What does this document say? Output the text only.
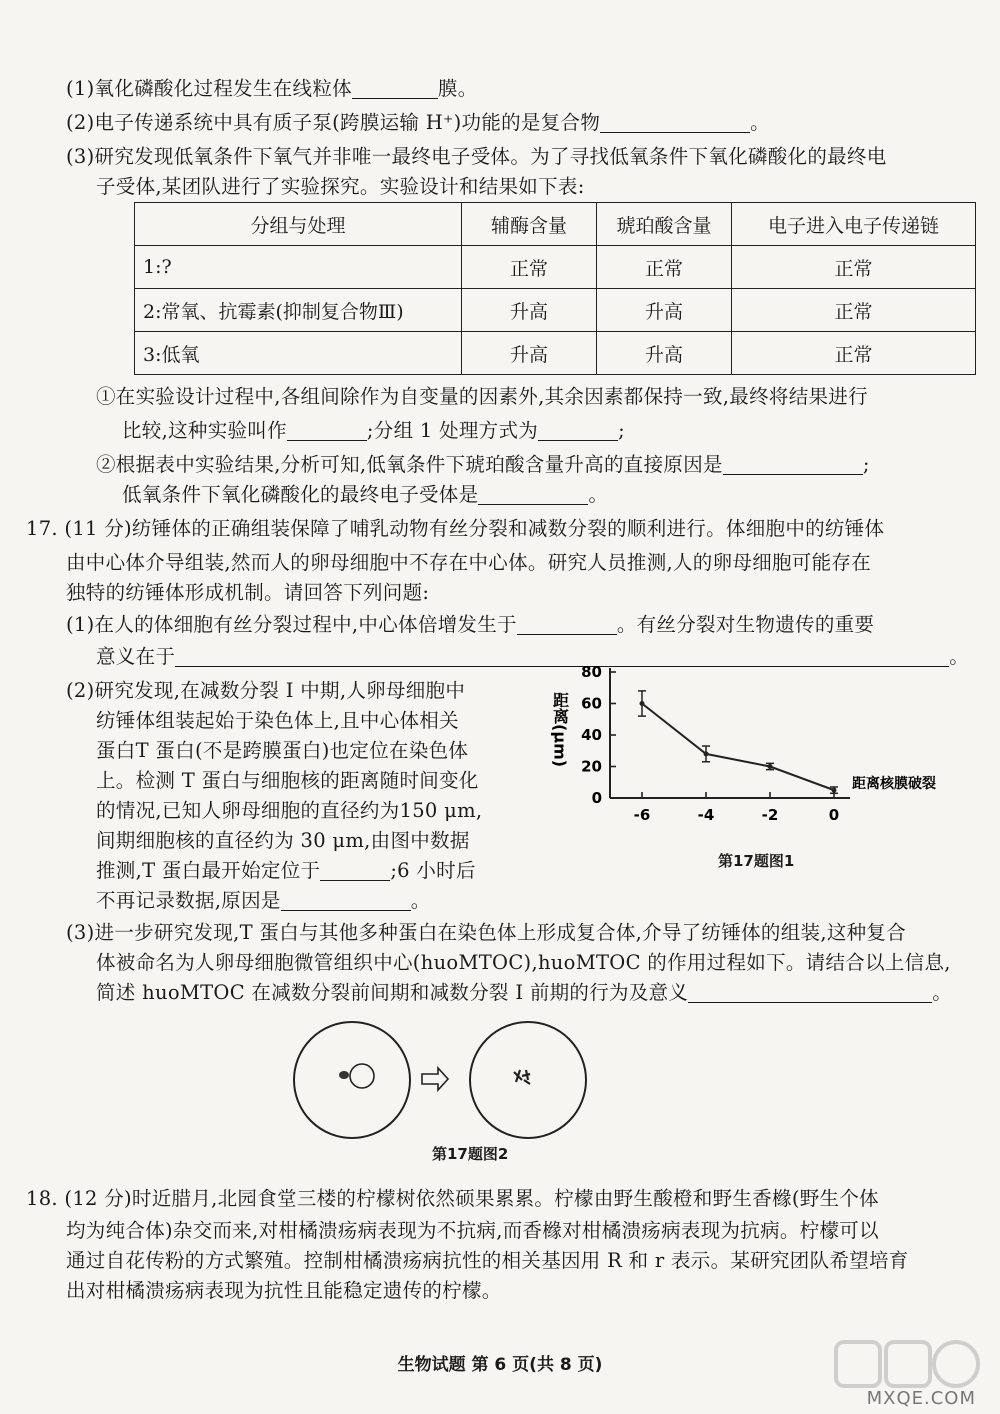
(1)氧化磷酸化过程发生在线粒体	膜。
(2)电子传递系统中具有质子泵(跨膜运输 H⁺)功能的是复合物	。
(3)研究发现低氧条件下氧气并非唯一最终电子受体。为了寻找低氧条件下氧化磷酸化的最终电
子受体,某团队进行了实验探究。实验设计和结果如下表:
分组与处理	辅酶含量	琥珀酸含量	电子进入电子传递链
1:?	正常	正常	正常
2:常氧、抗霉素(抑制复合物Ⅲ)	升高	升高	正常
3:低氧	升高	升高	正常
①在实验设计过程中,各组间除作为自变量的因素外,其余因素都保持一致,最终将结果进行
比较,这种实验叫作	;分组 1 处理方式为	;
②根据表中实验结果,分析可知,低氧条件下琥珀酸含量升高的直接原因是	;
低氧条件下氧化磷酸化的最终电子受体是	。
17. (11 分)纺锤体的正确组装保障了哺乳动物有丝分裂和减数分裂的顺利进行。体细胞中的纺锤体
由中心体介导组装,然而人的卵母细胞中不存在中心体。研究人员推测,人的卵母细胞可能存在
独特的纺锤体形成机制。请回答下列问题:
(1)在人的体细胞有丝分裂过程中,中心体倍增发生于	。有丝分裂对生物遗传的重要
意义在于	。
(2)研究发现,在减数分裂 Ⅰ 中期,人卵母细胞中
纺锤体组装起始于染色体上,且中心体相关
蛋白T 蛋白(不是跨膜蛋白)也定位在染色体
上。检测 T 蛋白与细胞核的距离随时间变化
的情况,已知人卵母细胞的直径约为150 μm,
间期细胞核的直径约为 30 μm,由图中数据
推测,T 蛋白最开始定位于	;6 小时后
不再记录数据,原因是	。
0
20
40
60
80
-6	-4	-2	0
距离(μm)
距离核膜破裂
第17题图1
(3)进一步研究发现,T 蛋白与其他多种蛋白在染色体上形成复合体,介导了纺锤体的组装,这种复合
体被命名为人卵母细胞微管组织中心(huoMTOC),huoMTOC 的作用过程如下。请结合以上信息,
简述 huoMTOC 在减数分裂前间期和减数分裂 Ⅰ 前期的行为及意义	。
第17题图2
18. (12 分)时近腊月,北园食堂三楼的柠檬树依然硕果累累。柠檬由野生酸橙和野生香橼(野生个体
均为纯合体)杂交而来,对柑橘溃疡病表现为不抗病,而香橼对柑橘溃疡病表现为抗病。柠檬可以
通过自花传粉的方式繁殖。控制柑橘溃疡病抗性的相关基因用 R 和 r 表示。某研究团队希望培育
出对柑橘溃疡病表现为抗性且能稳定遗传的柠檬。
生物试题 第 6 页(共 8 页)
MXQE.COM
